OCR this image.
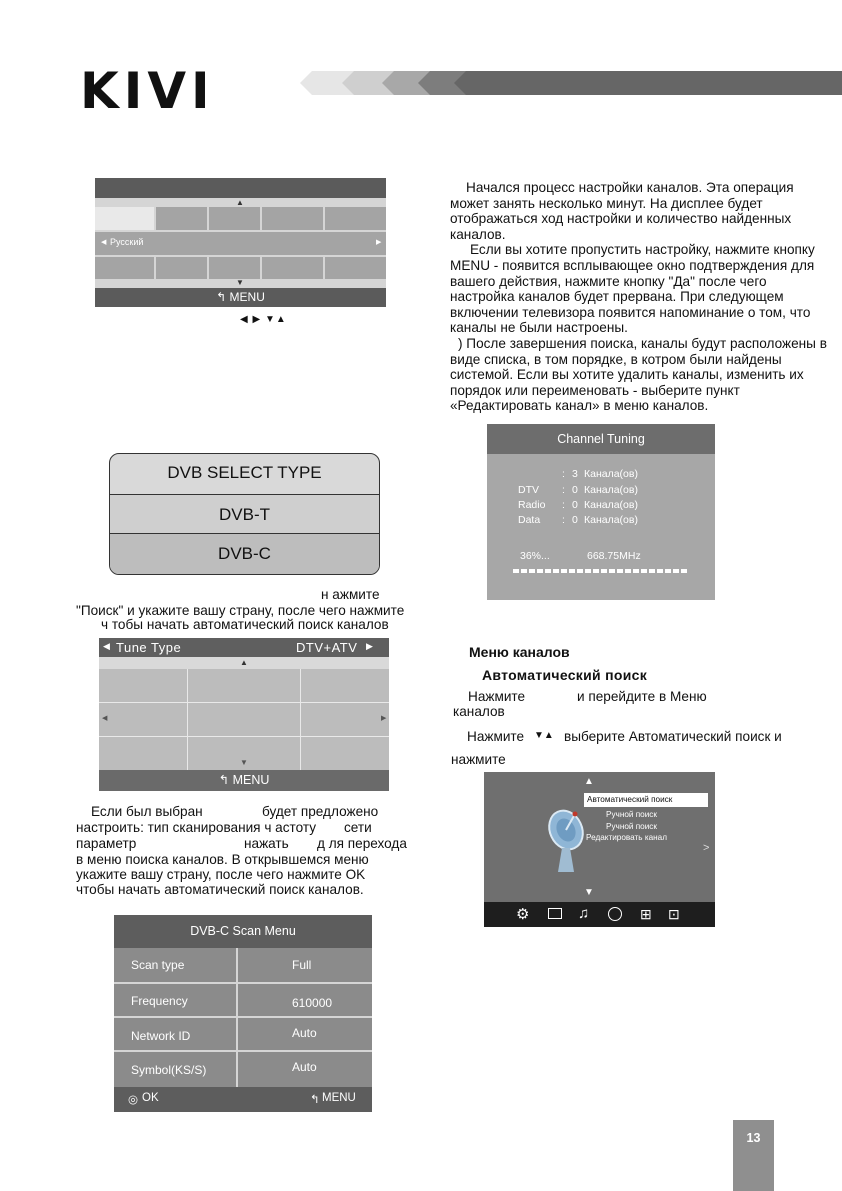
KIVI
▲
◀ Русский	▶
▼
↰ MENU
◀ ▶ ▼▲
DVB SELECT TYPE
DVB-T
DVB-C
н ажмите
"Поиск" и укажите вашу страну, после чего нажмите
ч тобы начать автоматический поиск каналов
◀ Tune Type	DTV+ATV ▶
▲
◀	▶
▼
↰ MENU
Если был выбран	будет предложено
настроить: тип сканирования ч астоту сети
параметр	нажать д ля перехода
в меню поиска каналов. В открывшемся меню
укажите вашу страну, после чего нажмите OK
чтобы начать автоматический поиск каналов.
DVB-C Scan Menu
Scan type	Full
Frequency	610000
Network ID	Auto
Symbol(KS/S)	Auto
◎ OK	↰ MENU

Начался процесс настройки каналов. Эта операция может занять несколько минут. На дисплее будет отображаться ход настройки и количество найденных каналов.

Если вы хотите пропустить настройку, нажмите кнопку MENU - появится всплывающее окно подтверждения для вашего действия, нажмите кнопку "Да" после чего настройка каналов будет прервана. При следующем включении телевизора появится напоминание о том, что каналы не были настроены.

) После завершения поиска, каналы будут расположены в виде списка, в том порядке, в котром были найдены системой. Если вы хотите удалить каналы, изменить их порядок или переименовать - выберите пункт «Редактировать канал» в меню каналов.

Channel Tuning
: 3 Канала(ов)
DTV : 0 Канала(ов)
Radio : 0 Канала(ов)
Data : 0 Канала(ов)
36%...	668.75MHz
Меню каналов
Автоматический поиск
Нажмите	и перейдите в Меню
каналов
Нажмите ▼▲ выберите Автоматический поиск и
нажмите
▲
Автоматический поиск
Ручной поиск
Ручной поиск
Редактировать канал
>
▼
⚙	♫	⊞ ⊡
13
